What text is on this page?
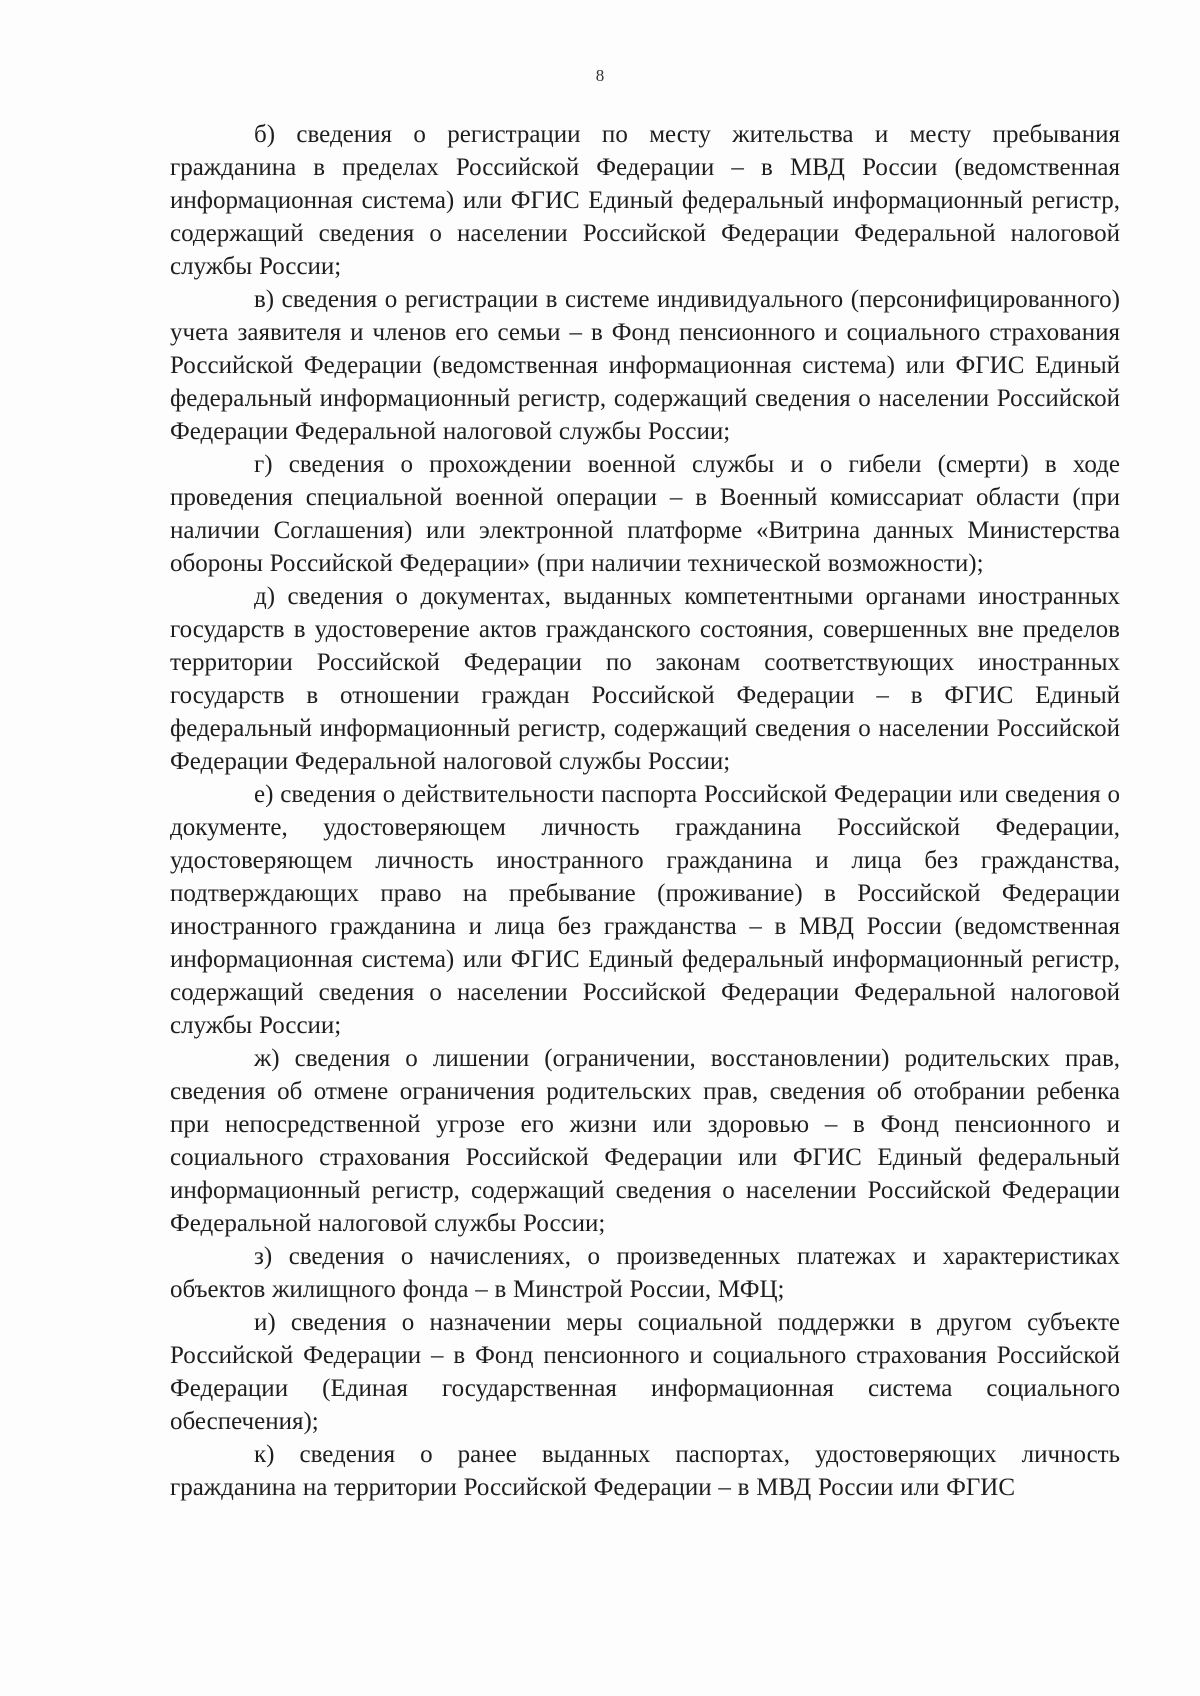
8

б) сведения о регистрации по месту жительства и месту пребывания гражданина в пределах Российской Федерации – в МВД России (ведомственная информационная система) или ФГИС Единый федеральный информационный регистр, содержащий сведения о населении Российской Федерации Федеральной налоговой службы России;

в) сведения о регистрации в системе индивидуального (персонифицированного) учета заявителя и членов его семьи – в Фонд пенсионного и социального страхования Российской Федерации (ведомственная информационная система) или ФГИС Единый федеральный информационный регистр, содержащий сведения о населении Российской Федерации Федеральной налоговой службы России;

г) сведения о прохождении военной службы и о гибели (смерти) в ходе проведения специальной военной операции – в Военный комиссариат области (при наличии Соглашения) или электронной платформе «Витрина данных Министерства обороны Российской Федерации» (при наличии технической возможности);

д) сведения о документах, выданных компетентными органами иностранных государств в удостоверение актов гражданского состояния, совершенных вне пределов территории Российской Федерации по законам соответствующих иностранных государств в отношении граждан Российской Федерации – в ФГИС Единый федеральный информационный регистр, содержащий сведения о населении Российской Федерации Федеральной налоговой службы России;

е) сведения о действительности паспорта Российской Федерации или сведения о документе, удостоверяющем личность гражданина Российской Федерации, удостоверяющем личность иностранного гражданина и лица без гражданства, подтверждающих право на пребывание (проживание) в Российской Федерации иностранного гражданина и лица без гражданства – в МВД России (ведомственная информационная система) или ФГИС Единый федеральный информационный регистр, содержащий сведения о населении Российской Федерации Федеральной налоговой службы России;

ж) сведения о лишении (ограничении, восстановлении) родительских прав, сведения об отмене ограничения родительских прав, сведения об отобрании ребенка при непосредственной угрозе его жизни или здоровью – в Фонд пенсионного и социального страхования Российской Федерации или ФГИС Единый федеральный информационный регистр, содержащий сведения о населении Российской Федерации Федеральной налоговой службы России;

з) сведения о начислениях, о произведенных платежах и характеристиках объектов жилищного фонда – в Минстрой России, МФЦ;

и) сведения о назначении меры социальной поддержки в другом субъекте Российской Федерации – в Фонд пенсионного и социального страхования Российской Федерации (Единая государственная информационная система социального обеспечения);

к) сведения о ранее выданных паспортах, удостоверяющих личность гражданина на территории Российской Федерации – в МВД России или ФГИС
